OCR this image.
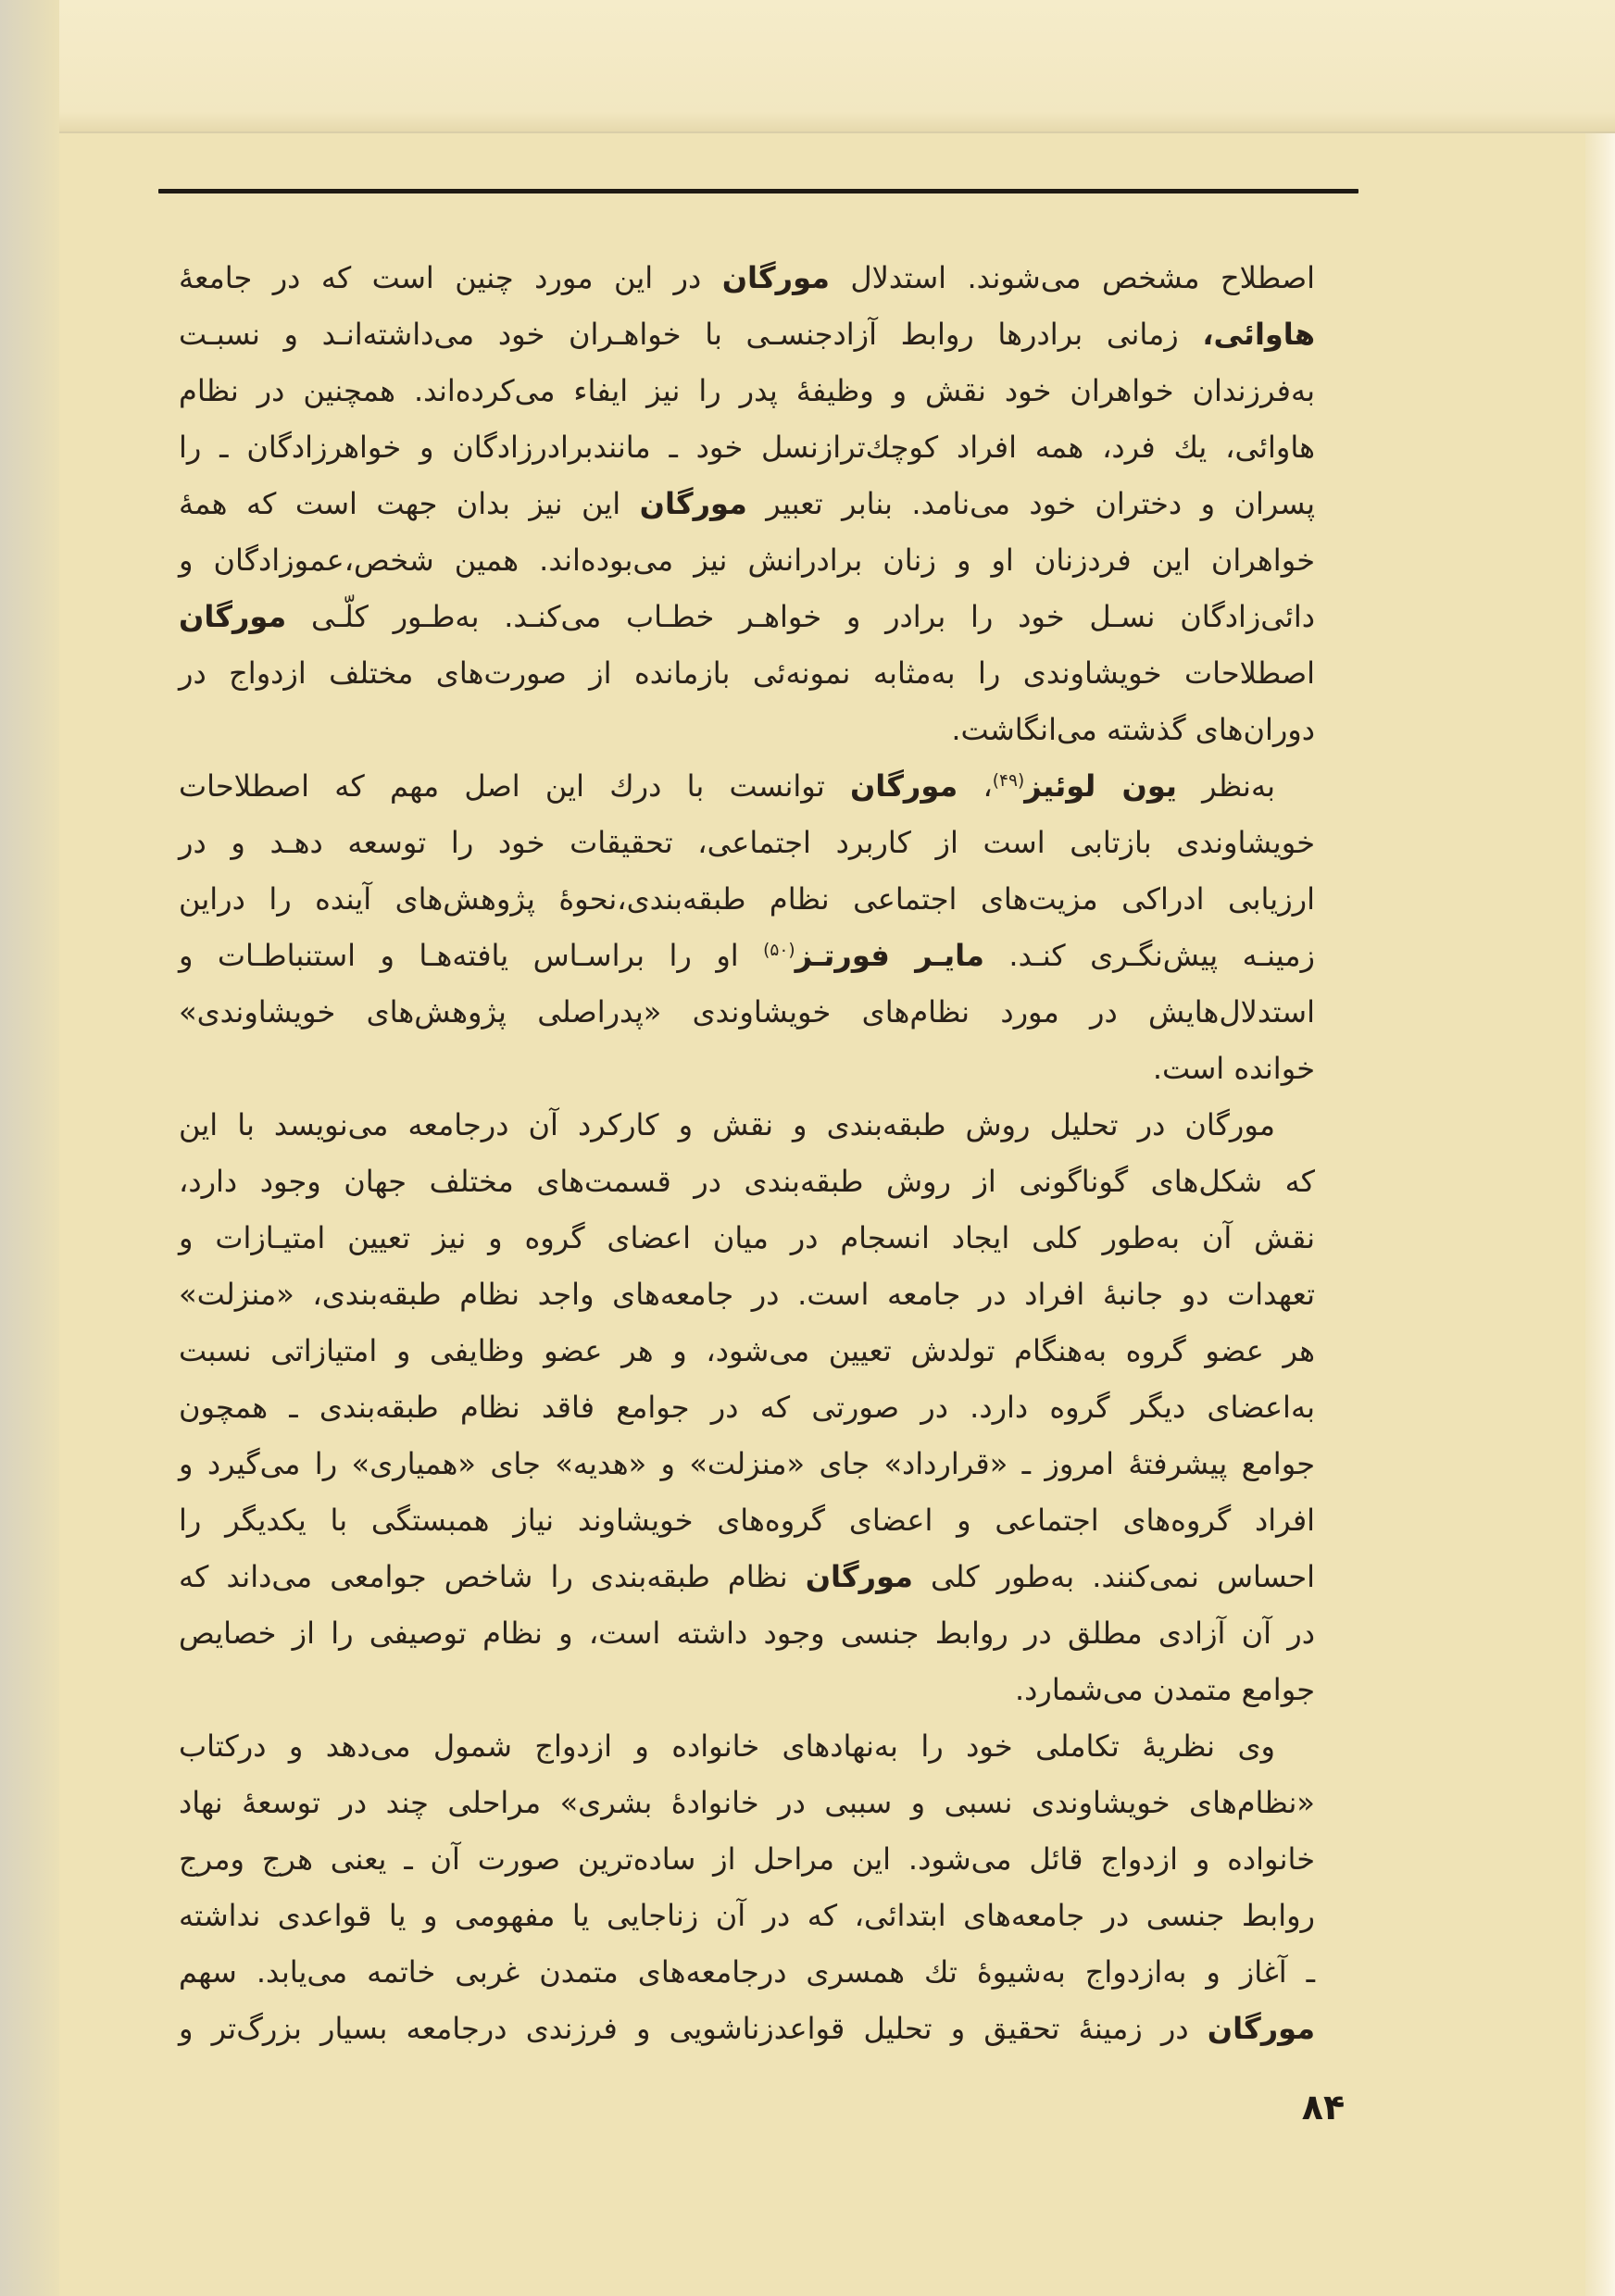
اصطلاح مشخص می‌شوند. استدلال مورگان در این مورد چنین است که در جامعهٔ
هاوائی، زمانی برادرها روابط آزادجنسـی با خواهـران خود می‌داشته‌انـد و نسبـت
به‌فرزندان خواهران خود نقش و وظیفهٔ پدر را نیز ایفاء می‌کرده‌اند. همچنین در نظام
هاوائی، یك فرد، همه افراد كوچك‌ترازنسل خود ـ مانندبرادرزادگان و خواهرزادگان ـ را
پسران و دختران خود می‌نامد. بنابر تعبیر مورگان این نیز بدان جهت است که همهٔ
خواهران این فردزنان او و زنان برادرانش نیز می‌بوده‌اند. همین شخص،عموزادگان و
دائی‌زادگان نسـل خود را برادر و خواهـر خطـاب می‌کنـد. به‌طـور کلّـی مورگان
اصطلاحات خویشاوندی را به‌مثابه نمونه‌ئی بازمانده از صورت‌های مختلف ازدواج در
دوران‌های گذشته می‌انگاشت.
به‌نظر یون لوئیز$^{(۴۹)}$، مورگان توانست با درك این اصل مهم که اصطلاحات
خویشاوندی بازتابی است از کاربرد اجتماعی، تحقیقات خود را توسعه دهـد و در
ارزیابی ادراکی مزیت‌های اجتماعی نظام طبقه‌بندی،نحوهٔ پژوهش‌های آینده را دراین
زمینـه پیش‌نگـری کنـد. مایـر فورتـز$^{(۵۰)}$ او را براسـاس یافته‌هـا و استنباطـات و
استدلال‌هایش در مورد نظام‌های خویشاوندی «پدراصلی پژوهش‌های خویشاوندی»
خوانده است.
مورگان در تحلیل روش طبقه‌بندی و نقش و کارکرد آن درجامعه می‌نویسد با این
که شکل‌های گوناگونی از روش طبقه‌بندی در قسمت‌های مختلف جهان وجود دارد،
نقش آن به‌طور کلی ایجاد انسجام در میان اعضای گروه و نیز تعیین امتیـازات و
تعهدات دو جانبهٔ افراد در جامعه است. در جامعه‌های واجد نظام طبقه‌بندی، «منزلت»
هر عضو گروه به‌هنگام تولدش تعیین می‌شود، و هر عضو وظایفی و امتیازاتی نسبت
به‌اعضای دیگر گروه دارد. در صورتی که در جوامع فاقد نظام طبقه‌بندی ـ همچون
جوامع پیشرفتهٔ امروز ـ «قرارداد» جای «منزلت» و «هدیه» جای «همیاری» را می‌گیرد و
افراد گروه‌های اجتماعی و اعضای گروه‌های خویشاوند نیاز همبستگی با یکدیگر را
احساس نمی‌کنند. به‌طور کلی مورگان نظام طبقه‌بندی را شاخص جوامعی می‌داند که
در آن آزادی مطلق در روابط جنسی وجود داشته است، و نظام توصیفی را از خصایص
جوامع متمدن می‌شمارد.
وی نظریهٔ تکاملی خود را به‌نهادهای خانواده و ازدواج شمول می‌دهد و درکتاب
«نظام‌های خویشاوندی نسبی و سببی در خانوادهٔ بشری» مراحلی چند در توسعهٔ نهاد
خانواده و ازدواج قائل می‌شود. این مراحل از ساده‌ترین صورت آن ـ یعنی هرج ومرج
روابط جنسی در جامعه‌های ابتدائی، که در آن زناجایی یا مفهومی و یا قواعدی نداشته
ـ آغاز و به‌ازدواج به‌شیوهٔ تك همسری درجامعه‌های متمدن غربی خاتمه می‌یابد. سهم
مورگان در زمینهٔ تحقیق و تحلیل قواعدزناشویی و فرزندی درجامعه بسیار بزرگ‌تر و
۸۴
